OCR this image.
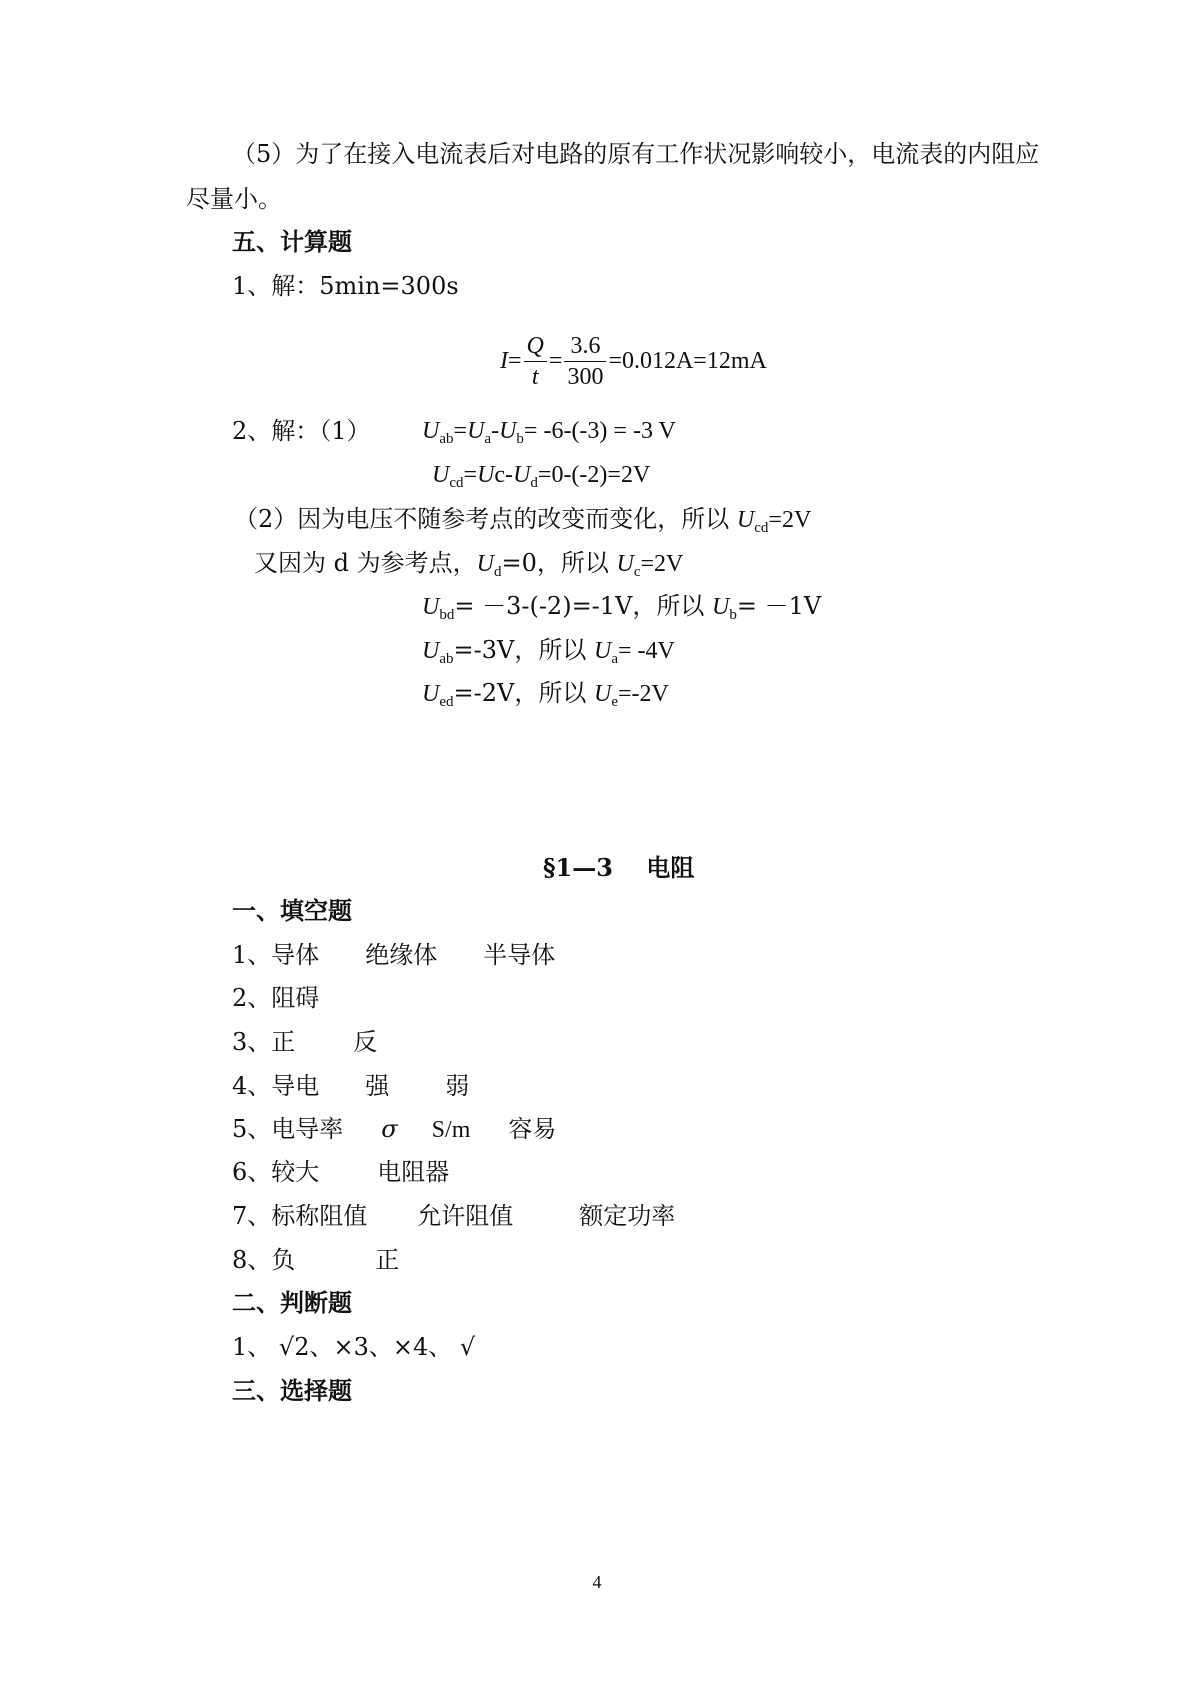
（5）为了在接入电流表后对电路的原有工作状况影响较小，电流表的内阻应
尽量小。
五、计算题
1、解：5min=300s
$I = \frac{Q}{t} = \frac{3.6}{300} =0.012A=12mA$
2、解：（1） $U_{ab}=U_a-U_b= -6-(-3) = -3$ V
$U_{cd}=Uc-U_d=0-(-2)=2V$
（2）因为电压不随参考点的改变而变化，所以 $U_{cd}=2V$
又因为 d 为参考点，$U_d=0$，所以 $U_c=2V$
$U_{bd}= -3-(-2)=-1V$，所以 $U_b= -1V$
$U_{ab}=-3V$，所以 $U_a= -4V$
$U_{ed}=-2V$，所以 $U_e=-2V$
§1—3    电阻
一、填空题
1、导体 绝缘体 半导体
2、阻碍
3、正 反
4、导电 强 弱
5、电导率 σ S/m 容易
6、较大 电阻器
7、标称阻值 允许阻值	额定功率
8、负	正
二、判断题
1、 √2、×3、×4、 √
三、选择题
4
